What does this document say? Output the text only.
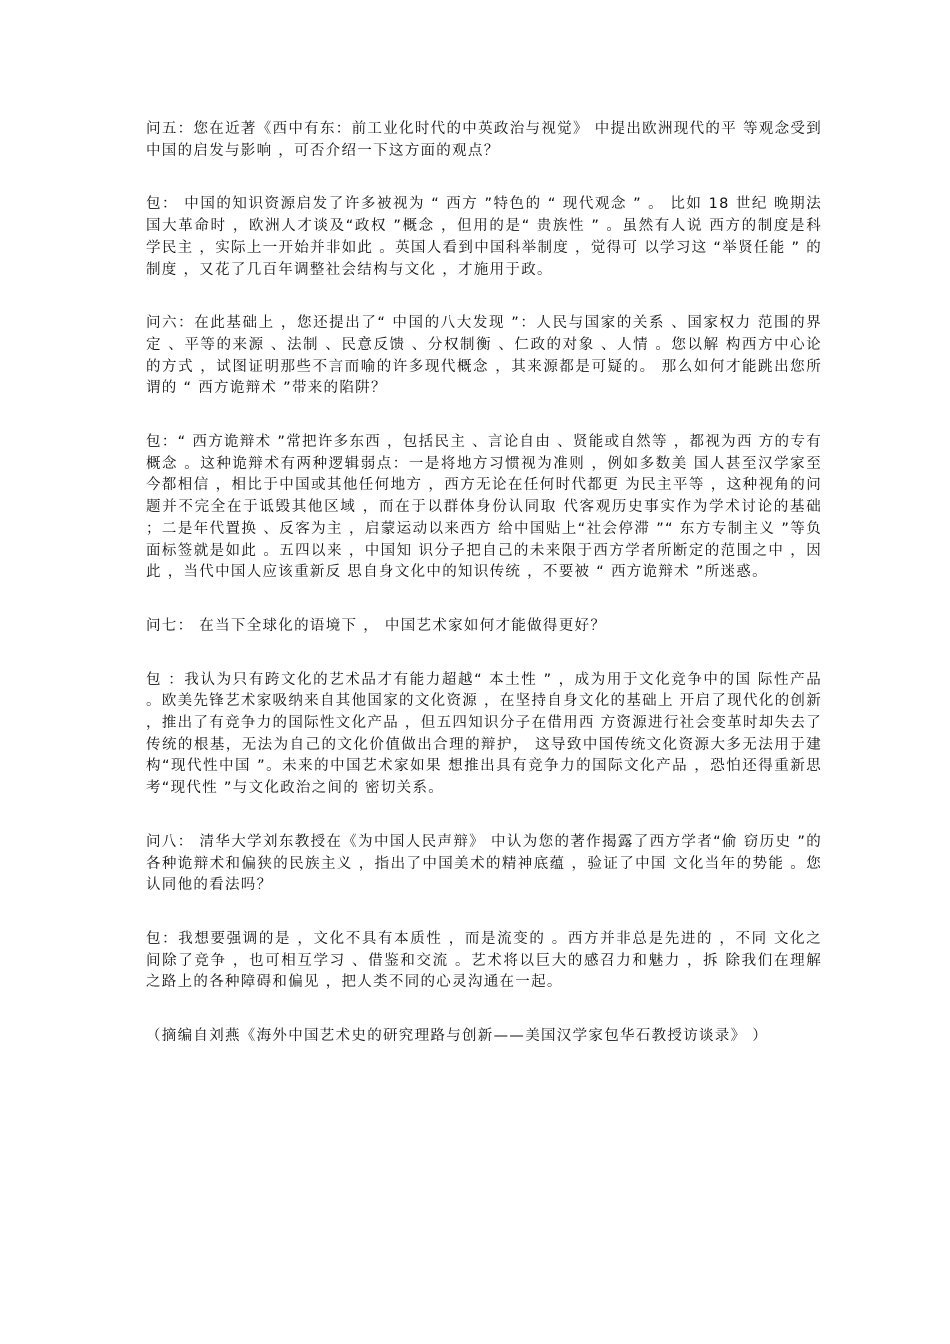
问五：您在近著《西中有东：前工业化时代的中英政治与视觉》 中提出欧洲现代的平 等观念受到中国的启发与影响 ，可否介绍一下这方面的观点？

包： 中国的知识资源启发了许多被视为 “ 西方 ”特色的 “ 现代观念 ” 。 比如 18 世纪 晚期法国大革命时 ，欧洲人才谈及“政权 ”概念 ，但用的是“ 贵族性 ” 。虽然有人说 西方的制度是科学民主 ，实际上一开始并非如此 。英国人看到中国科举制度 ，觉得可 以学习这 “举贤任能 ” 的制度 ，又花了几百年调整社会结构与文化 ，才施用于政。

问六：在此基础上 ，您还提出了“ 中国的八大发现 ”：人民与国家的关系 、国家权力 范围的界定 、平等的来源 、法制 、民意反馈 、分权制衡 、仁政的对象 、人情 。您以解 构西方中心论的方式 ，试图证明那些不言而喻的许多现代概念 ，其来源都是可疑的。 那么如何才能跳出您所谓的 “ 西方诡辩术 ”带来的陷阱？

包：“ 西方诡辩术 ”常把许多东西 ，包括民主 、言论自由 、贤能或自然等 ，都视为西 方的专有概念 。这种诡辩术有两种逻辑弱点：一是将地方习惯视为准则 ，例如多数美 国人甚至汉学家至今都相信 ，相比于中国或其他任何地方 ，西方无论在任何时代都更 为民主平等 ，这种视角的问题并不完全在于诋毁其他区域 ，而在于以群体身份认同取 代客观历史事实作为学术讨论的基础 ；二是年代置换 、反客为主 ，启蒙运动以来西方 给中国贴上“社会停滞 ”“ 东方专制主义 ”等负面标签就是如此 。五四以来 ，中国知 识分子把自己的未来限于西方学者所断定的范围之中 ，因此 ，当代中国人应该重新反 思自身文化中的知识传统 ，不要被 “ 西方诡辩术 ”所迷惑。

问七： 在当下全球化的语境下 ， 中国艺术家如何才能做得更好？

包 ：我认为只有跨文化的艺术品才有能力超越“ 本土性 ” ，成为用于文化竞争中的国 际性产品 。欧美先锋艺术家吸纳来自其他国家的文化资源 ，在坚持自身文化的基础上 开启了现代化的创新 ，推出了有竞争力的国际性文化产品 ，但五四知识分子在借用西 方资源进行社会变革时却失去了传统的根基，无法为自己的文化价值做出合理的辩护， 这导致中国传统文化资源大多无法用于建构“现代性中国 ”。未来的中国艺术家如果 想推出具有竞争力的国际文化产品 ，恐怕还得重新思考“现代性 ”与文化政治之间的 密切关系。

问八： 清华大学刘东教授在《为中国人民声辩》 中认为您的著作揭露了西方学者“偷 窃历史 ”的各种诡辩术和偏狭的民族主义 ，指出了中国美术的精神底蕴 ，验证了中国 文化当年的势能 。您认同他的看法吗？

包：我想要强调的是 ，文化不具有本质性 ，而是流变的 。西方并非总是先进的 ，不同 文化之间除了竞争 ，也可相互学习 、借鉴和交流 。艺术将以巨大的感召力和魅力 ，拆 除我们在理解之路上的各种障碍和偏见 ，把人类不同的心灵沟通在一起。

（摘编自刘燕《海外中国艺术史的研究理路与创新——美国汉学家包华石教授访谈录》 ）
